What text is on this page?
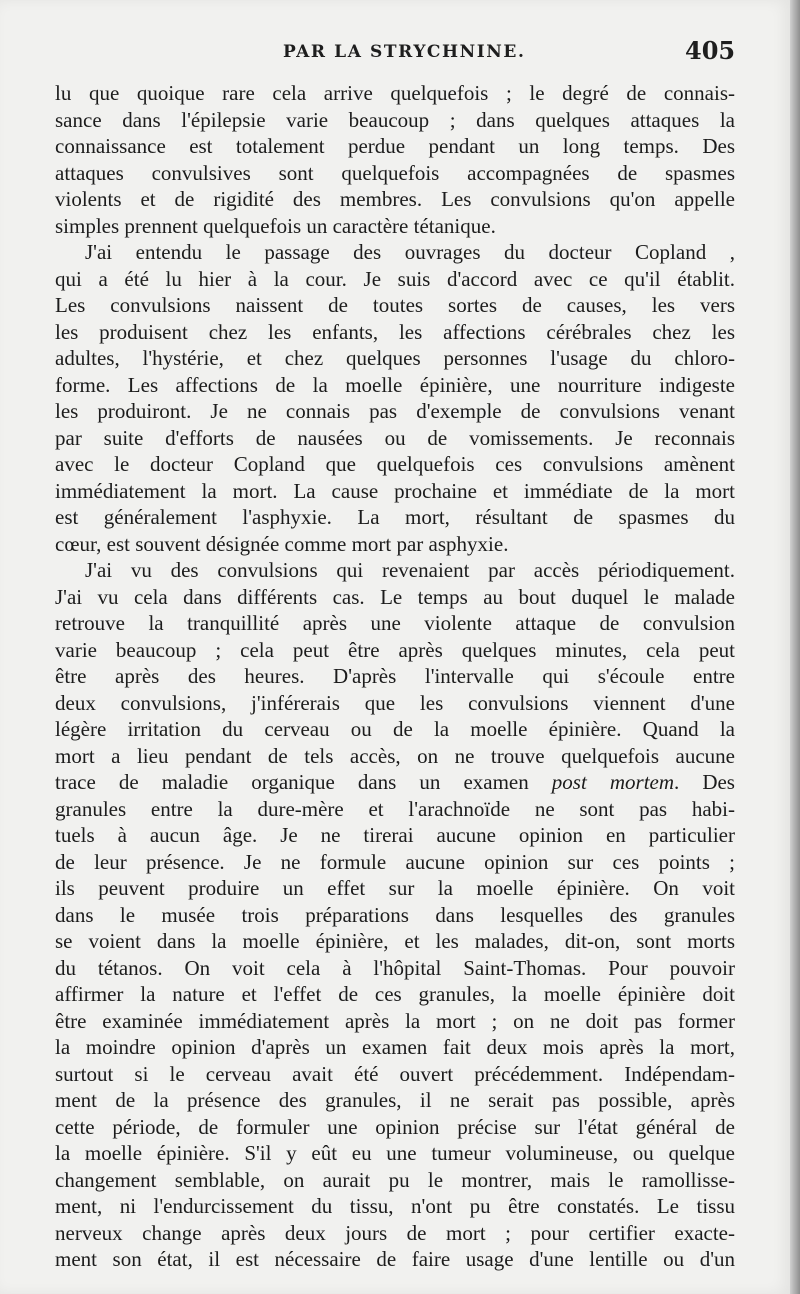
PAR LA STRYCHNINE.	405

lu que quoique rare cela arrive quelquefois ; le degré de connais-

sance dans l'épilepsie varie beaucoup ; dans quelques attaques la

connaissance est totalement perdue pendant un long temps. Des

attaques convulsives sont quelquefois accompagnées de spasmes

violents et de rigidité des membres. Les convulsions qu'on appelle

simples prennent quelquefois un caractère tétanique.

J'ai entendu le passage des ouvrages du docteur Copland ,

qui a été lu hier à la cour. Je suis d'accord avec ce qu'il établit.

Les convulsions naissent de toutes sortes de causes, les vers

les produisent chez les enfants, les affections cérébrales chez les

adultes, l'hystérie, et chez quelques personnes l'usage du chloro-

forme. Les affections de la moelle épinière, une nourriture indigeste

les produiront. Je ne connais pas d'exemple de convulsions venant

par suite d'efforts de nausées ou de vomissements. Je reconnais

avec le docteur Copland que quelquefois ces convulsions amènent

immédiatement la mort. La cause prochaine et immédiate de la mort

est généralement l'asphyxie. La mort, résultant de spasmes du

cœur, est souvent désignée comme mort par asphyxie.

J'ai vu des convulsions qui revenaient par accès périodiquement.

J'ai vu cela dans différents cas. Le temps au bout duquel le malade

retrouve la tranquillité après une violente attaque de convulsion

varie beaucoup ; cela peut être après quelques minutes, cela peut

être après des heures. D'après l'intervalle qui s'écoule entre

deux convulsions, j'inférerais que les convulsions viennent d'une

légère irritation du cerveau ou de la moelle épinière. Quand la

mort a lieu pendant de tels accès, on ne trouve quelquefois aucune

trace de maladie organique dans un examen post mortem. Des

granules entre la dure-mère et l'arachnoïde ne sont pas habi-

tuels à aucun âge. Je ne tirerai aucune opinion en particulier

de leur présence. Je ne formule aucune opinion sur ces points ;

ils peuvent produire un effet sur la moelle épinière. On voit

dans le musée trois préparations dans lesquelles des granules

se voient dans la moelle épinière, et les malades, dit-on, sont morts

du tétanos. On voit cela à l'hôpital Saint-Thomas. Pour pouvoir

affirmer la nature et l'effet de ces granules, la moelle épinière doit

être examinée immédiatement après la mort ; on ne doit pas former

la moindre opinion d'après un examen fait deux mois après la mort,

surtout si le cerveau avait été ouvert précédemment. Indépendam-

ment de la présence des granules, il ne serait pas possible, après

cette période, de formuler une opinion précise sur l'état général de

la moelle épinière. S'il y eût eu une tumeur volumineuse, ou quelque

changement semblable, on aurait pu le montrer, mais le ramollisse-

ment, ni l'endurcissement du tissu, n'ont pu être constatés. Le tissu

nerveux change après deux jours de mort ; pour certifier exacte-

ment son état, il est nécessaire de faire usage d'une lentille ou d'un
